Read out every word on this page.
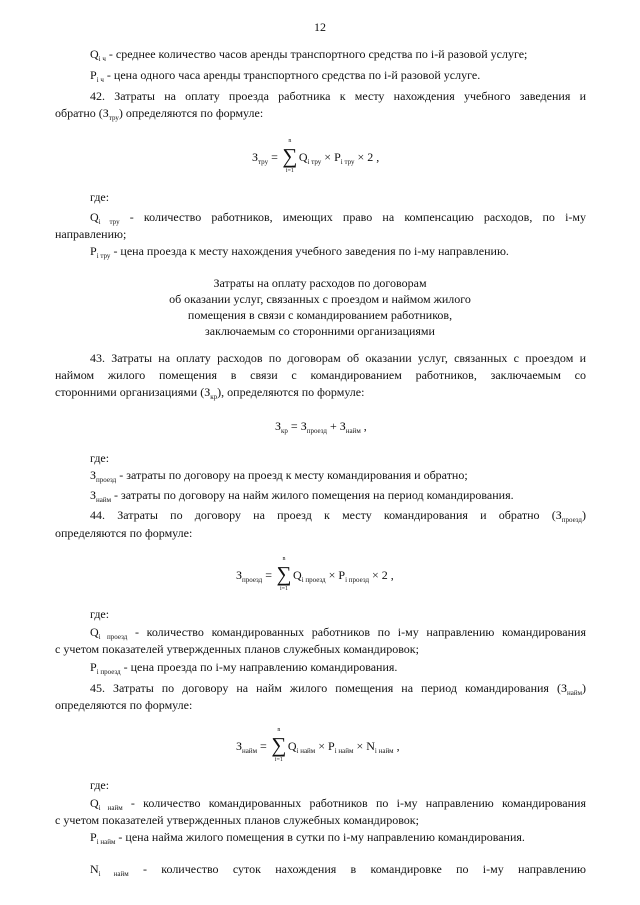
12
$Q_{i ч}$ - среднее количество часов аренды транспортного средства по i-й разовой услуге;
$P_{i ч}$ - цена одного часа аренды транспортного средства по i-й разовой услуге.
42. Затраты на оплату проезда работника к месту нахождения учебного заведения и
обратно $(З_{тру})$ определяются по формуле:
$З_{тру}$ =
n
∑
i=1
$Q_{i тру} \times P_{i тру} \times 2$ ,
где:
$Q_{i тру}$ - количество работников, имеющих право на компенсацию расходов, по i-му
направлению;
$P_{i тру}$ - цена проезда к месту нахождения учебного заведения по i-му направлению.
Затраты на оплату расходов по договорам
об оказании услуг, связанных с проездом и наймом жилого
помещения в связи с командированием работников,
заключаемым со сторонними организациями
43. Затраты на оплату расходов по договорам об оказании услуг, связанных с проездом и
наймом жилого помещения в связи с командированием работников, заключаемым со
сторонними организациями $(З_{кр})$, определяются по формуле:
$З_{кр} = З_{проезд} + З_{найм}$ ,
где:
$З_{проезд}$ - затраты по договору на проезд к месту командирования и обратно;
$З_{найм}$ - затраты по договору на найм жилого помещения на период командирования.
44. Затраты по договору на проезд к месту командирования и обратно $(З_{проезд})$
определяются по формуле:
$З_{проезд}$ =
n
∑
i=1
$Q_{i проезд} \times P_{i проезд} \times 2$ ,
где:
$Q_{i проезд}$ - количество командированных работников по i-му направлению командирования
с учетом показателей утвержденных планов служебных командировок;
$P_{i проезд}$ - цена проезда по i-му направлению командирования.
45. Затраты по договору на найм жилого помещения на период командирования $(З_{найм})$
определяются по формуле:
$З_{найм}$ =
n
∑
i=1
$Q_{i найм} \times P_{i найм} \times N_{i найм}$ ,
где:
$Q_{i найм}$ - количество командированных работников по i-му направлению командирования
с учетом показателей утвержденных планов служебных командировок;
$P_{i найм}$ - цена найма жилого помещения в сутки по i-му направлению командирования.
$N_{i найм}$ - количество суток нахождения в командировке по i-му направлению
